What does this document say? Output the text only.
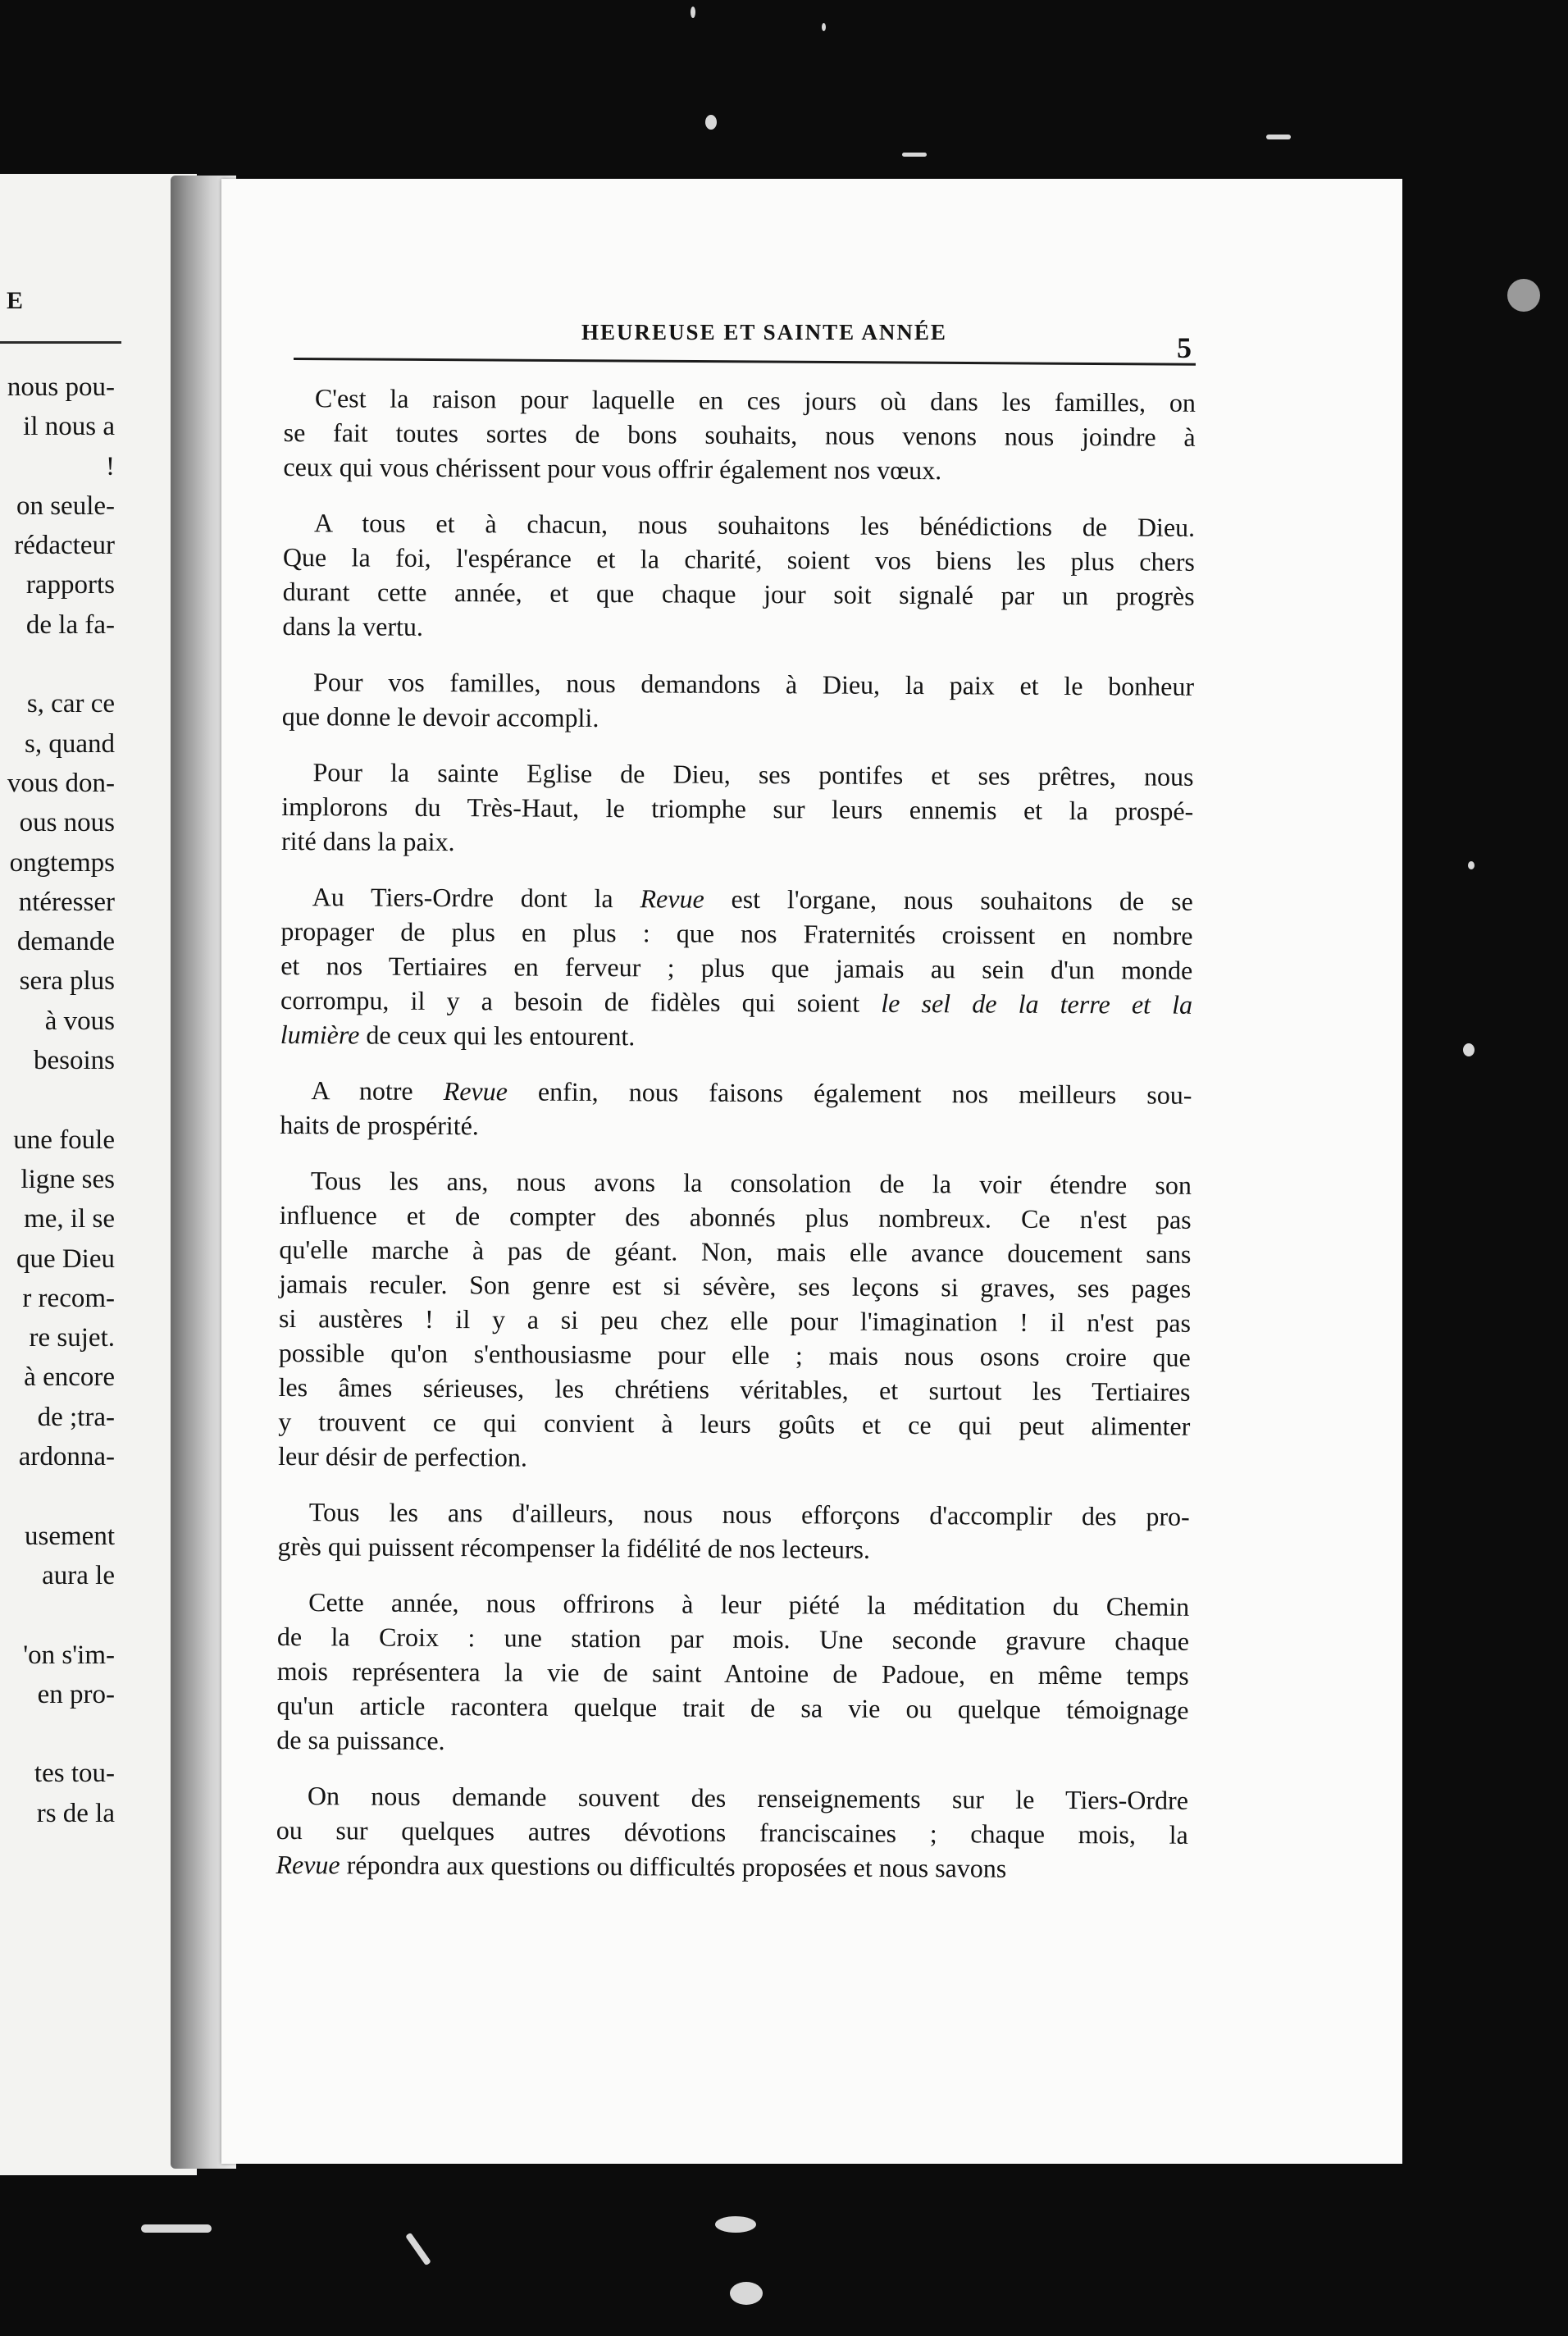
E
nous pou-
il nous a
!
on seule-
rédacteur
rapports
de la fa-
s, car ce
s, quand
vous don-
ous nous
ongtemps
ntéresser
demande
sera plus
à vous
besoins
une foule
ligne ses
me, il se
que Dieu
r recom-
re sujet.
à encore
de ;tra-
ardonna-
usement
aura le
'on s'im-
en pro-
tes tou-
rs de la
HEUREUSE ET SAINTE ANNÉE	5
C'est la raison pour laquelle en ces jours où dans les familles, on
se fait toutes sortes de bons souhaits, nous venons nous joindre à
ceux qui vous chérissent pour vous offrir également nos vœux.
A tous et à chacun, nous souhaitons les bénédictions de Dieu.
Que la foi, l'espérance et la charité, soient vos biens les plus chers
durant cette année, et que chaque jour soit signalé par un progrès
dans la vertu.
Pour vos familles, nous demandons à Dieu, la paix et le bonheur
que donne le devoir accompli.
Pour la sainte Eglise de Dieu, ses pontifes et ses prêtres, nous
implorons du Très-Haut, le triomphe sur leurs ennemis et la prospé-
rité dans la paix.
Au Tiers-Ordre dont la Revue est l'organe, nous souhaitons de se
propager de plus en plus : que nos Fraternités croissent en nombre
et nos Tertiaires en ferveur ; plus que jamais au sein d'un monde
corrompu, il y a besoin de fidèles qui soient le sel de la terre et la
lumière de ceux qui les entourent.
A notre Revue enfin, nous faisons également nos meilleurs sou-
haits de prospérité.
Tous les ans, nous avons la consolation de la voir étendre son
influence et de compter des abonnés plus nombreux. Ce n'est pas
qu'elle marche à pas de géant. Non, mais elle avance doucement sans
jamais reculer. Son genre est si sévère, ses leçons si graves, ses pages
si austères ! il y a si peu chez elle pour l'imagination ! il n'est pas
possible qu'on s'enthousiasme pour elle ; mais nous osons croire que
les âmes sérieuses, les chrétiens véritables, et surtout les Tertiaires
y trouvent ce qui convient à leurs goûts et ce qui peut alimenter
leur désir de perfection.
Tous les ans d'ailleurs, nous nous efforçons d'accomplir des pro-
grès qui puissent récompenser la fidélité de nos lecteurs.
Cette année, nous offrirons à leur piété la méditation du Chemin
de la Croix : une station par mois. Une seconde gravure chaque
mois représentera la vie de saint Antoine de Padoue, en même temps
qu'un article racontera quelque trait de sa vie ou quelque témoignage
de sa puissance.
On nous demande souvent des renseignements sur le Tiers-Ordre
ou sur quelques autres dévotions franciscaines ; chaque mois, la
Revue répondra aux questions ou difficultés proposées et nous savons
